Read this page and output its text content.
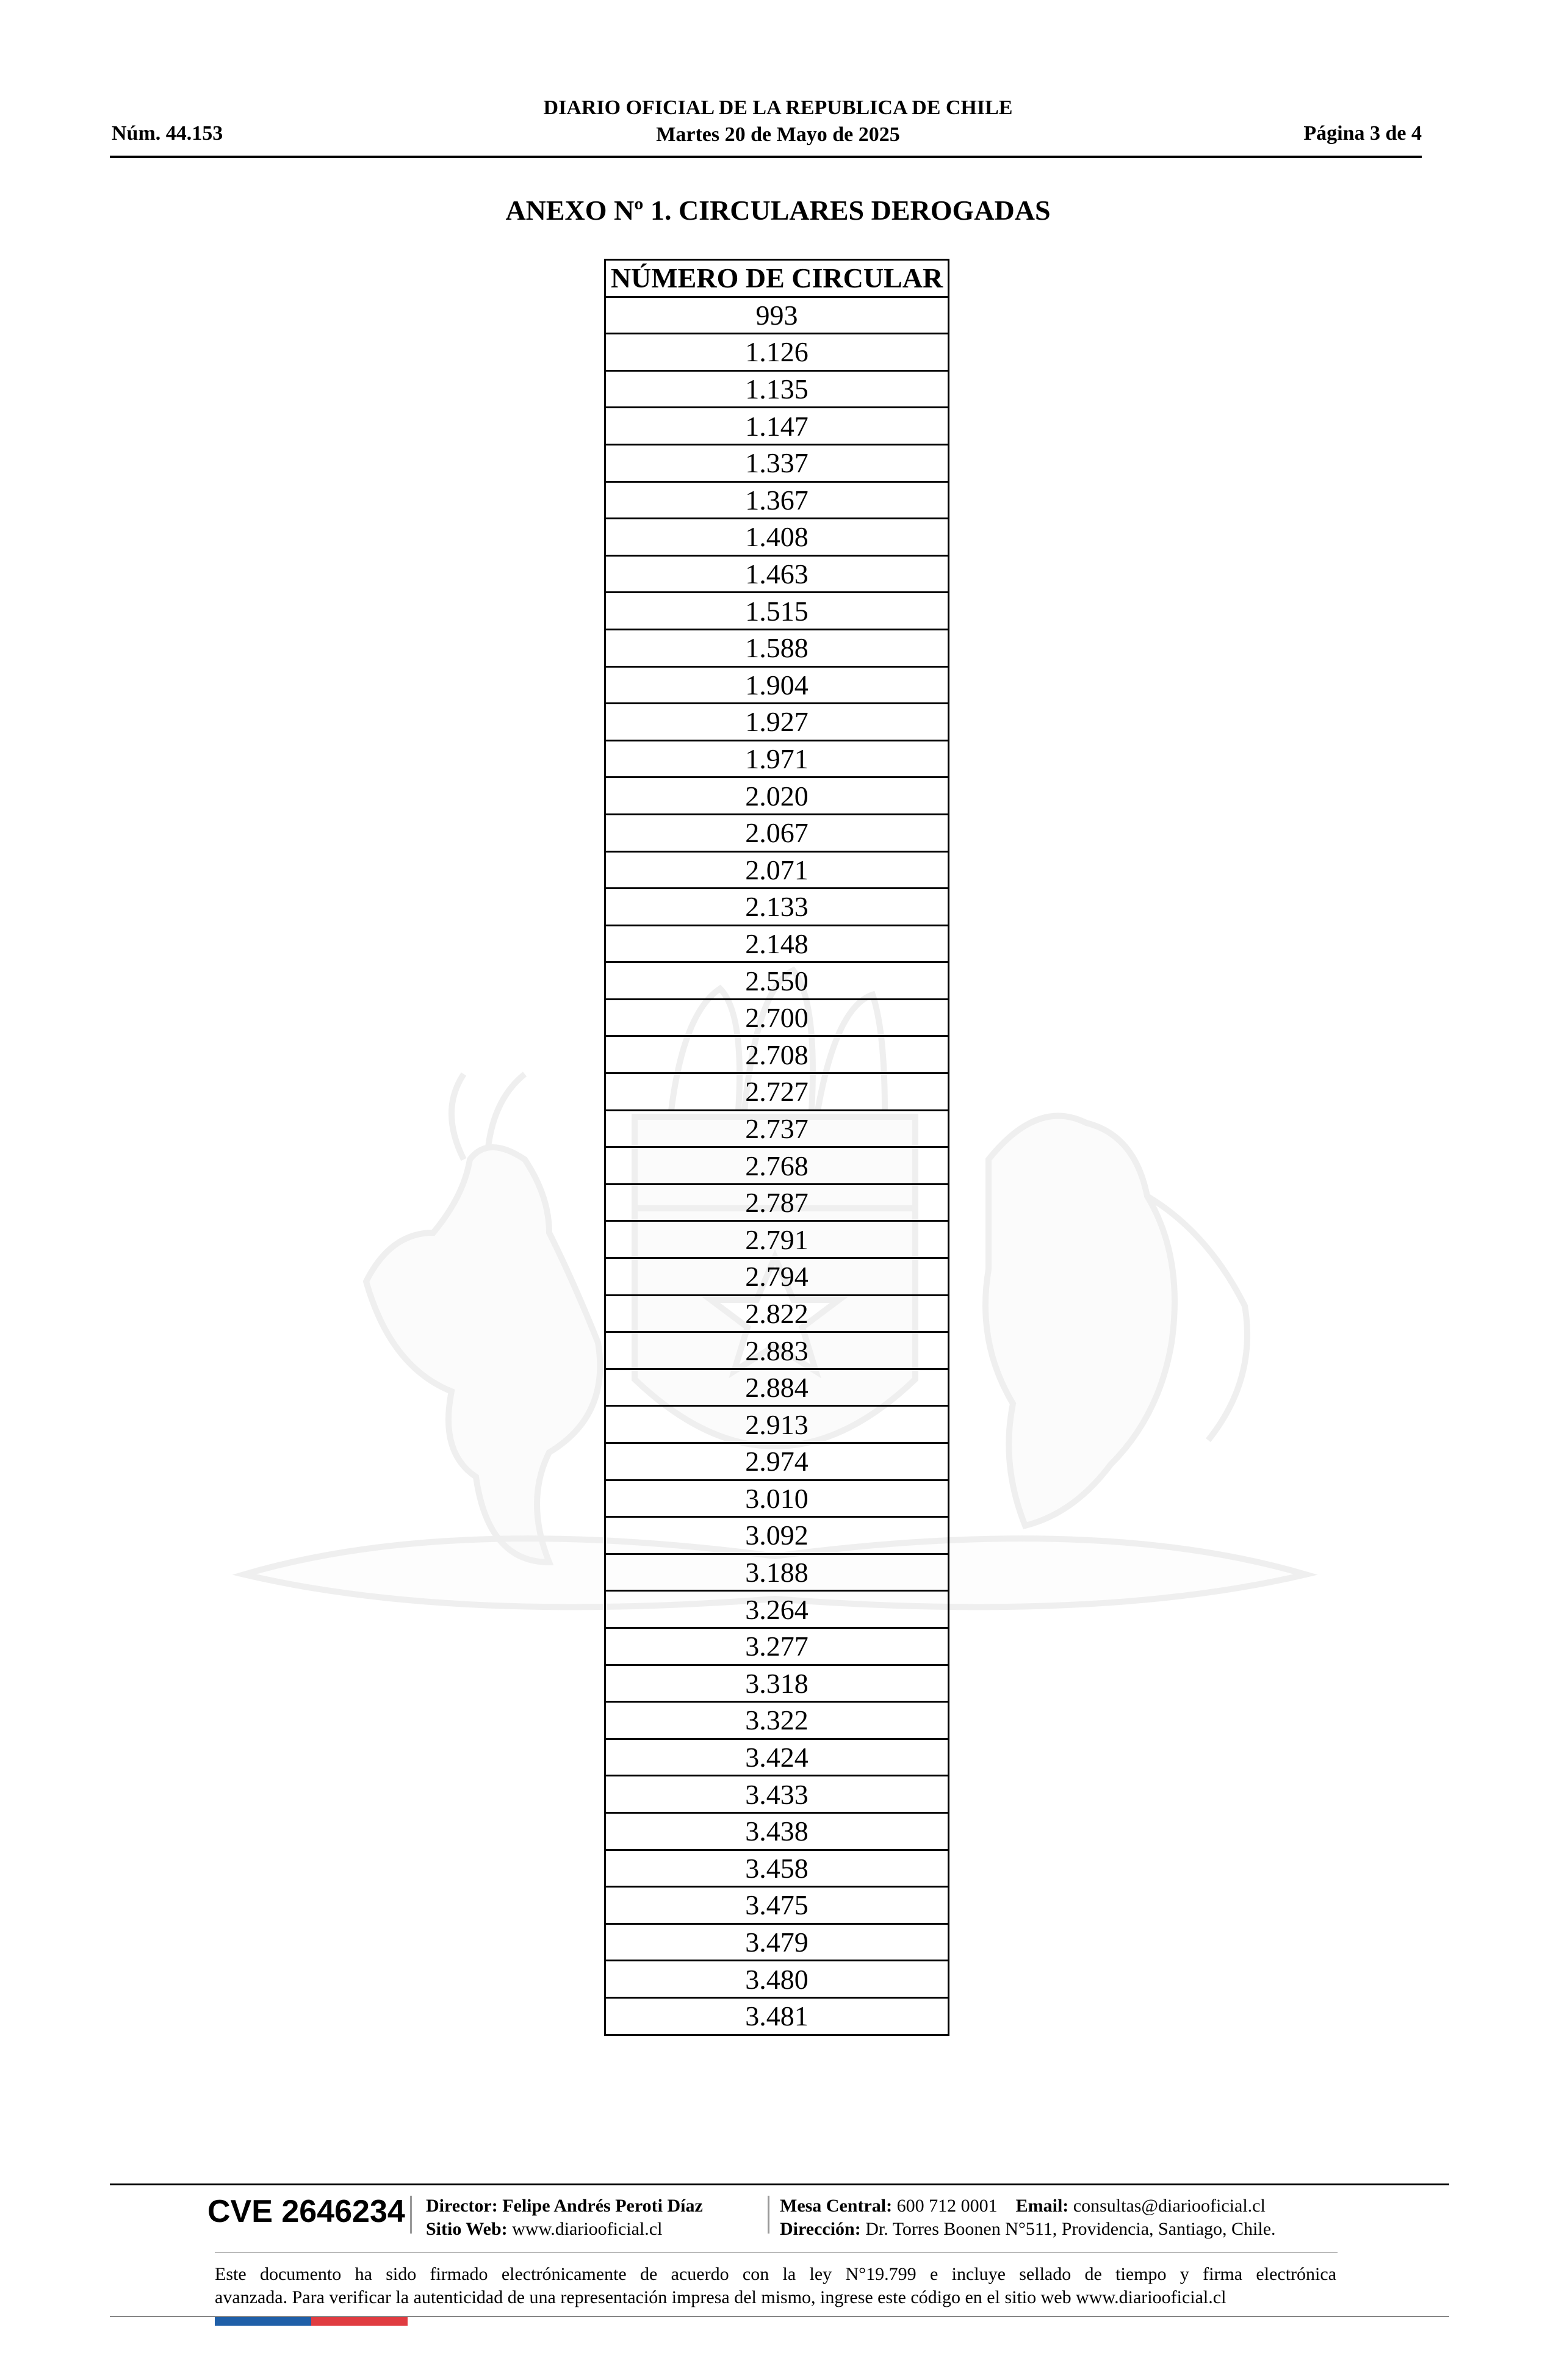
Núm. 44.153
DIARIO OFICIAL DE LA REPUBLICA DE CHILE
Martes 20 de Mayo de 2025	Página 3 de 4
ANEXO Nº 1. CIRCULARES DEROGADAS
NÚMERO DE CIRCULAR
993
1.126
1.135
1.147
1.337
1.367
1.408
1.463
1.515
1.588
1.904
1.927
1.971
2.020
2.067
2.071
2.133
2.148
2.550
2.700
2.708
2.727
2.737
2.768
2.787
2.791
2.794
2.822
2.883
2.884
2.913
2.974
3.010
3.092
3.188
3.264
3.277
3.318
3.322
3.424
3.433
3.438
3.458
3.475
3.479
3.480
3.481
CVE 2646234 Director: Felipe Andrés Peroti Díaz
Sitio Web: www.diariooficial.cl
Mesa Central: 600 712 0001 Email: consultas@diariooficial.cl
Dirección: Dr. Torres Boonen N°511, Providencia, Santiago, Chile.
Este documento ha sido firmado electrónicamente de acuerdo con la ley N°19.799 e incluye sellado de tiempo y firma electrónica
avanzada. Para verificar la autenticidad de una representación impresa del mismo, ingrese este código en el sitio web www.diariooficial.cl
